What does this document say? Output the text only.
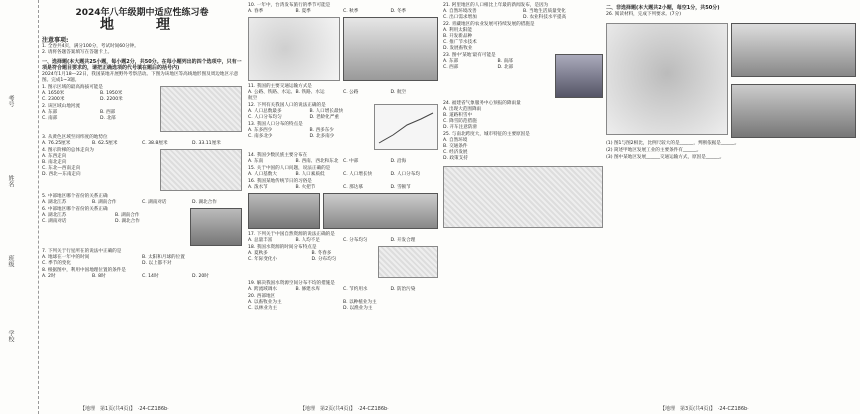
学校
班级
姓名
考号
2024年八年级期中适应性练习卷
地　理
注意事项:
1. 全卷共4页，满分100分，考试时间60分钟。
2. 请将各题答案填写在答题卡上。
一、选择题(本大题共25小题，每小题2分，共50分。在每小题列出的四个选项中，只有一项是符合题目要求的，请把正确选项的代号填在题后的括号内)
2024年1月18—22日，我国某地开展野外考察活动。下图为该地区等高线地形图及周边地区示意图。完成1~3题。
1. 图示区域的最高海拔可能是
A. 1650米	B. 1950米
C. 2300米	D. 2200米
2. 该区域山地河流
A. 东部	B. 西部
C. 南部	D. 北部
3. 从黄色区域至同纬度的地势位
A. 76.25厘米	B. 62.5厘米	C. 38.8厘米	D. 33.11厘米
4. 图示阶梯的总体走向为
A. 东西走向
B. 南北走向
C. 东北—西南走向
D. 西北—东南走向
5. 中部地区哪个省份的关系正确
A. 湖北江苏	B. 湖南合作	C. 湖南对话	D. 湖北合作
6. 中部地区哪个省份的关系正确
A. 湖北江苏	B. 湖南合作
C. 湖南对话	D. 湖北合作
7. 下列关于行星所在的说法中正确的是
A. 地球在一年中的时间	B. 太阳和月球的位置
C. 季节的变化	D. 以上都不对
8. 根据图中，利用中国地理位置的条件是
A. 2时	B. 8时	C. 14时	D. 20时
10. 一年中，台湾发布旅行的季节可能是
A. 春季	B. 夏季	C. 秋季	D. 冬季
11. 我国的主要交通运输方式是
A. 公路、铁路、水运、航空
B. 铁路、水运	C. 公路	D. 航空
12. 下列有关我国人口的说法正确的是
A. 人口总数最多	B. 人口增长最快
C. 人口分布均匀	D. 老龄化严重
13. 我国人口分布的特点是
A. 东多西少	B. 西多东少
C. 南多北少	D. 北多南少
14. 我国少数民族主要分布在
A. 东南	B. 西南、西北和东北	C. 中部	D. 沿海
15. 关于中国的人口问题，说法正确的是
A. 人口基数大	B. 人口素质低	C. 人口增长快	D. 人口分布均
16. 我国某地传统节日的习俗是
A. 泼水节	B. 火把节	C. 那达慕	D. 雪顿节
17. 下列关于中国自然资源的说法正确的是
A. 总量丰富	B. 人均不足	C. 分布均匀	D. 开发合理
18. 我国水资源的时间分布特点是
A. 夏秋多	B. 冬春多
C. 年际变化小	D. 分布均匀
19. 解决我国水资源空间分布不均的措施是
A. 跨流域调水	B. 修建水库	C. 节约用水	D. 防治污染
20. 西部地区
A. 以畜牧业为主	B. 以种植业为主
C. 以林业为主	D. 以渔业为主
21. 阿里地区的人口相比上年最的新闻发布，是因为
A. 自然环境改善	B. 当地生活质量变化
C. 出口需求增加	D. 农业科技水平提高
22. 青藏地区的农业发展可持续发展的措施是
A. 利用太阳能
B. 开发新品种
C. 推广节水技术
D. 发展畜牧业
23. 图中'某地'最有可能是
A. 东部	B. 南部
C. 西部	D. 北部
24. 福建省气象服务中心预报的降雨量
A. 出现大范围降雨
B. 道路积雪中
C. 降雪防范措施
D. 开车注意防滑
25. 与南北跨度大，城市特征的主要原因是
A. 自然环境
B. 交通条件
C. 经济发展
D. 政策支持
二、非选择题(本大题共2小题，每空1分，共50分)
26. 阅读材料，完成下列要求。(7分)
(1) 图1与图2相比，比例尺较大的是______，判断依据是______。
(2) 简述甲地区发展工业的主要条件有______。
(3) 图中某地区发展______交通运输方式，原因是______。
【地理　第1页(共4页)】　 ·24-CZ186b·	【地理　第2页(共4页)】　 ·24-CZ186b·	【地理　第3页(共4页)】　 ·24-CZ186b·
